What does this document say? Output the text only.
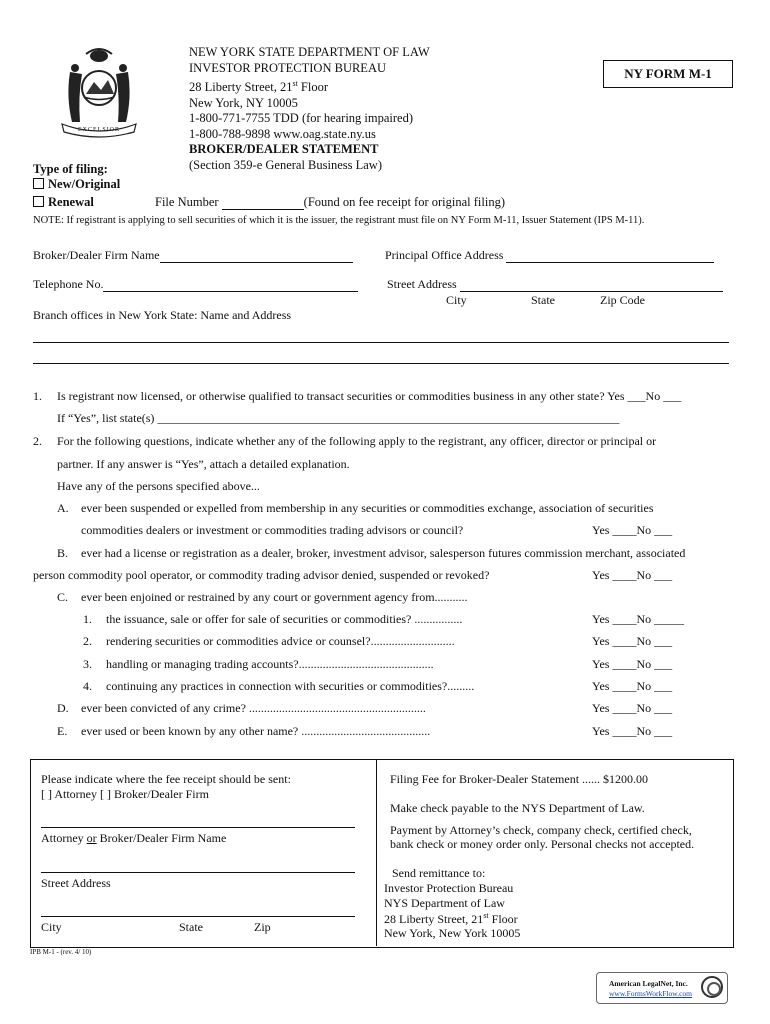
EXCELSIOR
NEW YORK STATE DEPARTMENT OF LAW
INVESTOR PROTECTION BUREAU
28 Liberty Street, 21st Floor
New York, NY 10005
1-800-771-7755 TDD (for hearing impaired)
1-800-788-9898 www.oag.state.ny.us
BROKER/DEALER STATEMENT
(Section 359-e General Business Law)
NY FORM M-1
Type of filing:
New/Original
Renewal	File Number	(Found on fee receipt for original filing)
NOTE: If registrant is applying to sell securities of which it is the issuer, the registrant must file on NY Form M-11, Issuer Statement (IPS M-11).
Broker/Dealer Firm Name	Principal Office Address
Telephone No.	Street Address
City	State	Zip Code
Branch offices in New York State: Name and Address
1. Is registrant now licensed, or otherwise qualified to transact securities or commodities business in any other state? Yes ___No ___
If “Yes”, list state(s) _____________________________________________________________________________
2. For the following questions, indicate whether any of the following apply to the registrant, any officer, director or principal or
partner. If any answer is “Yes”, attach a detailed explanation.
Have any of the persons specified above...
A. ever been suspended or expelled from membership in any securities or commodities exchange, association of securities
commodities dealers or investment or commodities trading advisors or council?	Yes ____No ___
B. ever had a license or registration as a dealer, broker, investment advisor, salesperson futures commission merchant, associated
person commodity pool operator, or commodity trading advisor denied, suspended or revoked?	Yes ____No ___
C. ever been enjoined or restrained by any court or government agency from...........
1. the issuance, sale or offer for sale of securities or commodities? ................	Yes ____No _____
2. rendering securities or commodities advice or counsel?............................	Yes ____No ___
3. handling or managing trading accounts?.............................................	Yes ____No ___
4. continuing any practices in connection with securities or commodities?.........	Yes ____No ___
D. ever been convicted of any crime? ...........................................................	Yes ____No ___
E. ever used or been known by any other name? ...........................................	Yes ____No ___
Please indicate where the fee receipt should be sent:
[ ] Attorney [ ] Broker/Dealer Firm
Attorney or Broker/Dealer Firm Name
Street Address
City	State	Zip
Filing Fee for Broker-Dealer Statement ...... $1200.00
Make check payable to the NYS Department of Law.
Payment by Attorney’s check, company check, certified check,
bank check or money order only. Personal checks not accepted.
Send remittance to:
Investor Protection Bureau
NYS Department of Law
28 Liberty Street, 21st Floor
New York, New York 10005
IPB M-1 - (rev. 4/ 10)
American LegalNet, Inc.
www.FormsWorkFlow.com
